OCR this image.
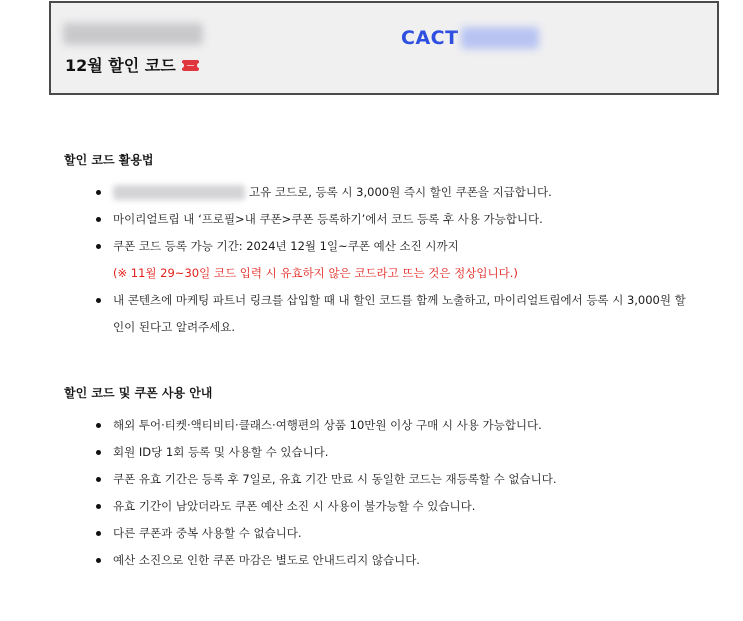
CACT
12월 할인 코드
할인 코드 활용법
고유 코드로, 등록 시 3,000원 즉시 할인 쿠폰을 지급합니다.
마이리얼트립 내 ‘프로필>내 쿠폰>쿠폰 등록하기’에서 코드 등록 후 사용 가능합니다.
쿠폰 코드 등록 가능 기간: 2024년 12월 1일~쿠폰 예산 소진 시까지
(※ 11월 29~30일 코드 입력 시 유효하지 않은 코드라고 뜨는 것은 정상입니다.)
내 콘텐츠에 마케팅 파트너 링크를 삽입할 때 내 할인 코드를 함께 노출하고, 마이리얼트립에서 등록 시 3,000원 할
인이 된다고 알려주세요.
할인 코드 및 쿠폰 사용 안내
해외 투어·티켓·액티비티·클래스·여행편의 상품 10만원 이상 구매 시 사용 가능합니다.
회원 ID당 1회 등록 및 사용할 수 있습니다.
쿠폰 유효 기간은 등록 후 7일로, 유효 기간 만료 시 동일한 코드는 재등록할 수 없습니다.
유효 기간이 남았더라도 쿠폰 예산 소진 시 사용이 불가능할 수 있습니다.
다른 쿠폰과 중복 사용할 수 없습니다.
예산 소진으로 인한 쿠폰 마감은 별도로 안내드리지 않습니다.
